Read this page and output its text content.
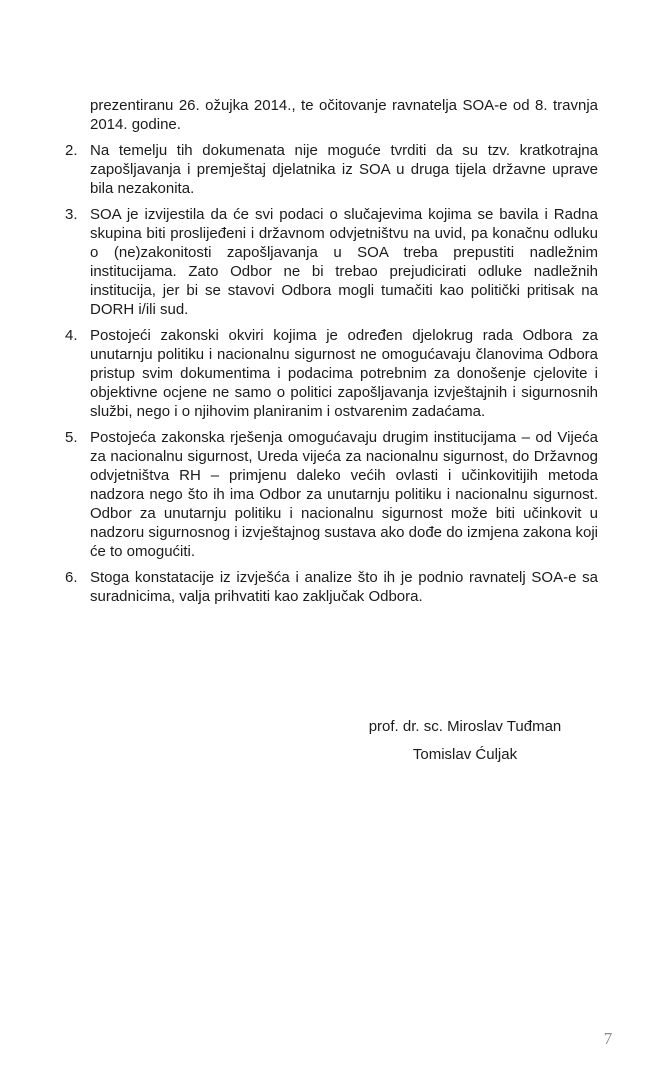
prezentiranu 26. ožujka 2014., te očitovanje ravnatelja SOA-e od 8. travnja 2014. godine.

2. Na temelju tih dokumenata nije moguće tvrditi da su tzv. kratkotrajna zapošljavanja i premještaj djelatnika iz SOA u druga tijela državne uprave bila nezakonita.
3. SOA je izvijestila da će svi podaci o slučajevima kojima se bavila i Radna skupina biti proslijeđeni i državnom odvjetništvu na uvid, pa konačnu odluku o (ne)zakonitosti zapošljavanja u SOA treba prepustiti nadležnim institucijama. Zato Odbor ne bi trebao prejudicirati odluke nadležnih institucija, jer bi se stavovi Odbora mogli tumačiti kao politički pritisak na DORH i/ili sud.
4. Postojeći zakonski okviri kojima je određen djelokrug rada Odbora za unutarnju politiku i nacionalnu sigurnost ne omogućavaju članovima Odbora pristup svim dokumentima i podacima potrebnim za donošenje cjelovite i objektivne ocjene ne samo o politici zapošljavanja izvještajnih i sigurnosnih službi, nego i o njihovim planiranim i ostvarenim zadaćama.
5. Postojeća zakonska rješenja omogućavaju drugim institucijama – od Vijeća za nacionalnu sigurnost, Ureda vijeća za nacionalnu sigurnost, do Državnog odvjetništva RH – primjenu daleko većih ovlasti i učinkovitijih metoda nadzora nego što ih ima Odbor za unutarnju politiku i nacionalnu sigurnost. Odbor za unutarnju politiku i nacionalnu sigurnost može biti učinkovit u nadzoru sigurnosnog i izvještajnog sustava ako dođe do izmjena zakona koji će to omogućiti.
6. Stoga konstatacije iz izvješća i analize što ih je podnio ravnatelj SOA-e sa suradnicima, valja prihvatiti kao zaključak Odbora.

prof. dr. sc. Miroslav Tuđman

Tomislav Ćuljak

7
